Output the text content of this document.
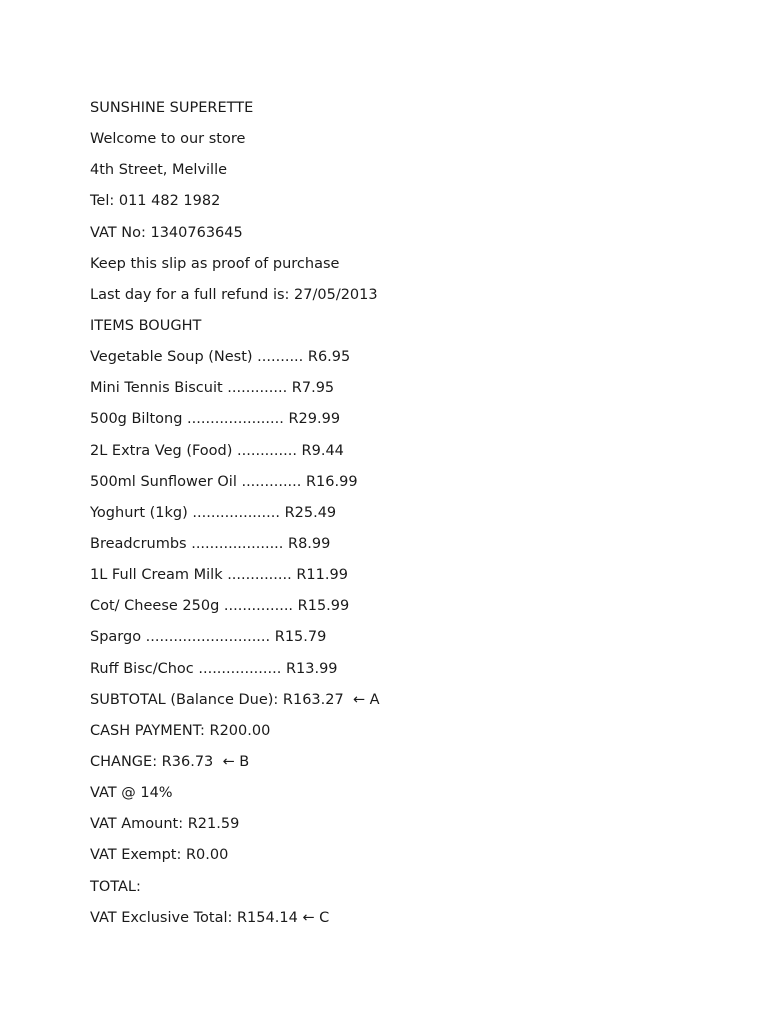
SUNSHINE SUPERETTE
Welcome to our store
4th Street, Melville
Tel: 011 482 1982
VAT No: 1340763645
Keep this slip as proof of purchase
Last day for a full refund is: 27/05/2013
ITEMS BOUGHT
Vegetable Soup (Nest) .......... R6.95
Mini Tennis Biscuit ............. R7.95
500g Biltong ..................... R29.99
2L Extra Veg (Food) ............. R9.44
500ml Sunflower Oil ............. R16.99
Yoghurt (1kg) ................... R25.49
Breadcrumbs .................... R8.99
1L Full Cream Milk .............. R11.99
Cot/ Cheese 250g ............... R15.99
Spargo ........................... R15.79
Ruff Bisc/Choc .................. R13.99
SUBTOTAL (Balance Due): R163.27  ← A
CASH PAYMENT: R200.00
CHANGE: R36.73  ← B
VAT @ 14%
VAT Amount: R21.59
VAT Exempt: R0.00
TOTAL:
VAT Exclusive Total: R154.14 ← C
